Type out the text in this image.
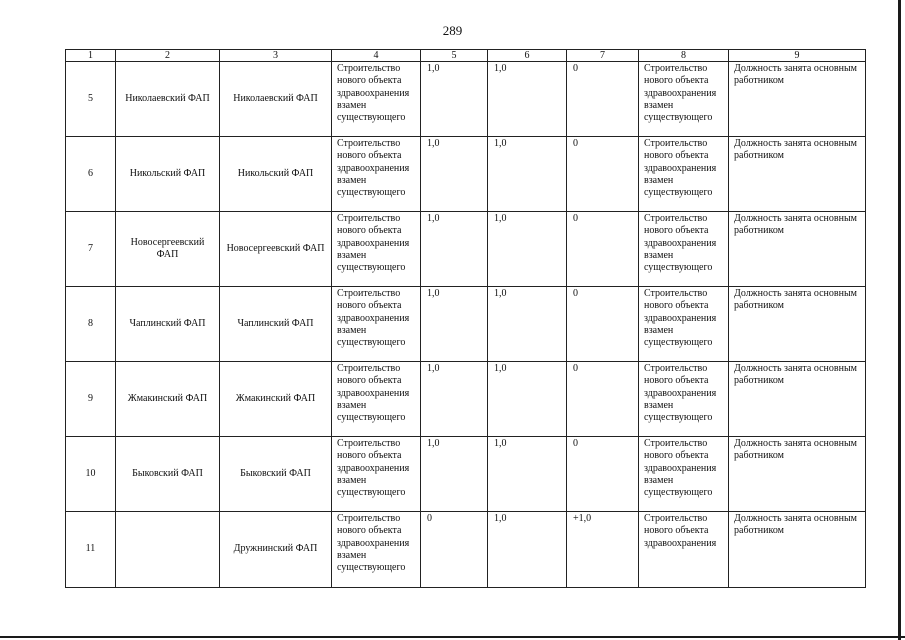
289
1	2	3	4	5	6	7	8	9
5	Николаевский ФАП	Николаевский ФАП	Строительство нового объекта здравоохранения взамен существующего	1,0	1,0	0	Строительство нового объекта здравоохранения взамен существующего	Должность занята основным работником
6	Никольский ФАП	Никольский ФАП	Строительство нового объекта здравоохранения взамен существующего	1,0	1,0	0	Строительство нового объекта здравоохранения взамен существующего	Должность занята основным работником
7	Новосергеевский ФАП	Новосергеевский ФАП	Строительство нового объекта здравоохранения взамен существующего	1,0	1,0	0	Строительство нового объекта здравоохранения взамен существующего	Должность занята основным работником
8	Чаплинский ФАП	Чаплинский ФАП	Строительство нового объекта здравоохранения взамен существующего	1,0	1,0	0	Строительство нового объекта здравоохранения взамен существующего	Должность занята основным работником
9	Жмакинский ФАП	Жмакинский ФАП	Строительство нового объекта здравоохранения взамен существующего	1,0	1,0	0	Строительство нового объекта здравоохранения взамен существующего	Должность занята основным работником
10	Быковский ФАП	Быковский ФАП	Строительство нового объекта здравоохранения взамен существующего	1,0	1,0	0	Строительство нового объекта здравоохранения взамен существующего	Должность занята основным работником
11		Дружнинский ФАП	Строительство нового объекта здравоохранения взамен существующего	0	1,0	+1,0	Строительство нового объекта здравоохранения	Должность занята основным работником
